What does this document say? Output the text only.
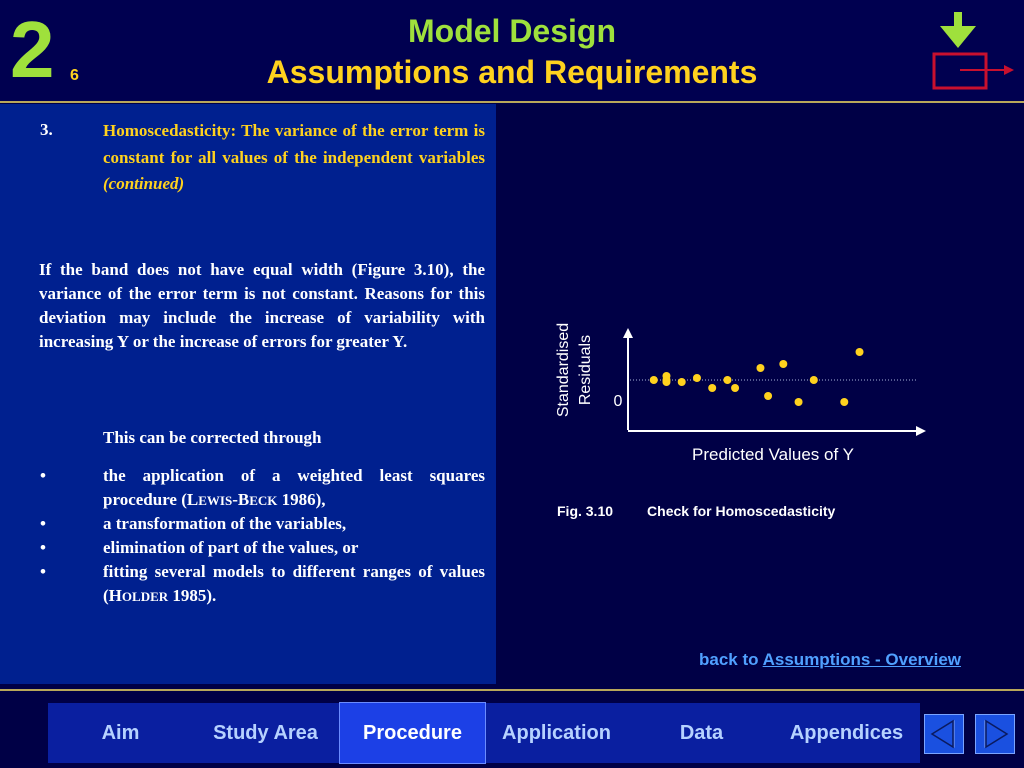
2 6
Model Design
Assumptions and Requirements
3.	Homoscedasticity: The variance of the error term is constant for all values of the independent variables (continued)
If the band does not have equal width (Figure 3.10), the variance of the error term is not constant. Reasons for this deviation may include the increase of variability with increasing Y or the increase of errors for greater Y.
This can be corrected through
•	the application of a weighted least squares procedure (LEWIS-BECK 1986),
•	a transformation of the variables,
•	elimination of part of the values, or
•	fitting several models to different ranges of values (HOLDER 1985).
0
Standardised Residuals
Predicted Values of Y
Fig. 3.10 Check for Homoscedasticity
back to Assumptions - Overview
Aim	Study Area	Procedure	Application	Data	Appendices
